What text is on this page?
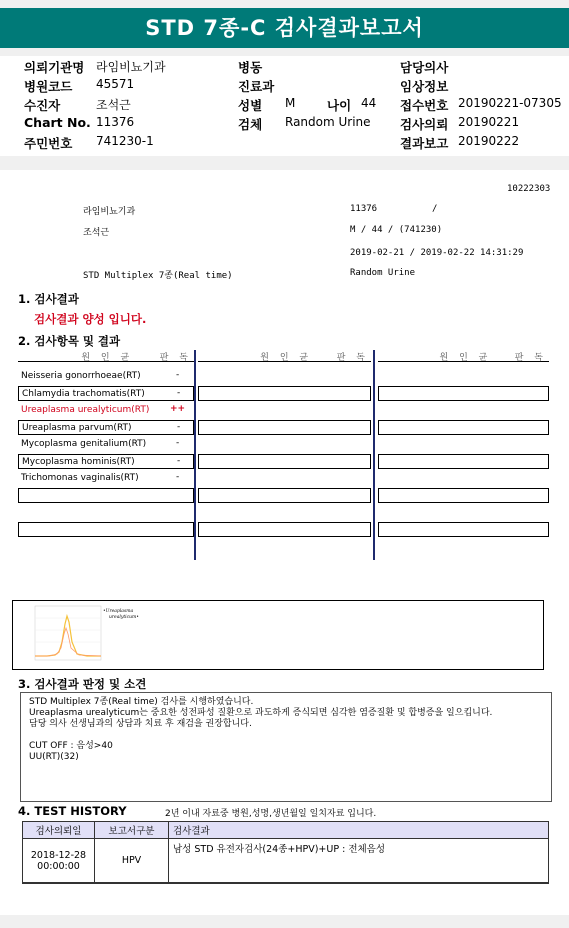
STD 7종-C 검사결과보고서
의뢰기관명 라임비뇨기과
병원코드 45571
수진자	조석근
Chart No. 11376
주민번호 741230-1
병동
진료과
성별 M	나이 44
검체 Random Urine
담당의사
임상정보
접수번호 20190221-07305
검사의뢰 20190221
결과보고 20190222
10222303
라임비뇨기과	11376	/
조석근	M / 44 / (741230)
2019-02-21 / 2019-02-22 14:31:29
STD Multiplex 7종(Real time)	Random Urine
1. 검사결과
검사결과 양성 입니다.
2. 검사항목 및 결과
원 인 균	판 독	원 인 균	판 독	원 인 균	판 독
Neisseria gonorrhoeae(RT)	-
Chlamydia trachomatis(RT)	-
Ureaplasma urealyticum(RT) ++
Ureaplasma parvum(RT)	-
Mycoplasma genitalium(RT)	-
Mycoplasma hominis(RT)	-
Trichomonas vaginalis(RT)	-
•Ureaplasma
urealyticum•
3. 검사결과 판정 및 소견
STD Multiplex 7종(Real time) 검사를 시행하였습니다.
Ureaplasma urealyticum는 중요한 성전파성 질환으로 과도하게 증식되면 심각한 염증질환 및 합병증을 일으킵니다.
담당 의사 선생님과의 상담과 치료 후 재검을 권장합니다.
CUT OFF : 음성>40
UU(RT)(32)
4. TEST HISTORY	2년 이내 자료중 병원,성명,생년월일 일치자료 입니다.
검사의뢰일	보고서구분	검사결과

2018-12-28
00:00:00	HPV	남성 STD 유전자검사(24종+HPV)+UP : 전체음성
